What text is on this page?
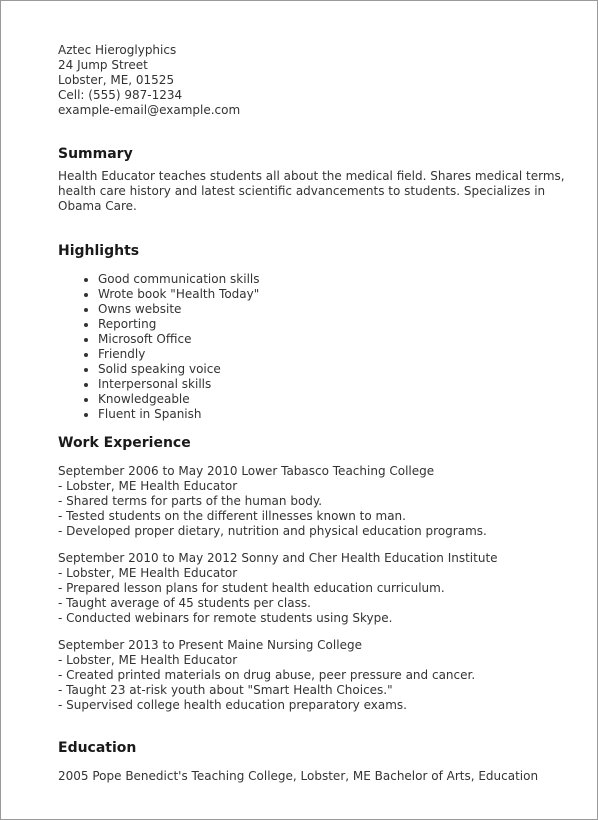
Aztec Hieroglyphics
24 Jump Street
Lobster, ME, 01525
Cell: (555) 987-1234
example-email@example.com
Summary

Health Educator teaches students all about the medical field. Shares medical terms, health care history and latest scientific advancements to students. Specializes in Obama Care.

Highlights
• Good communication skills
• Wrote book "Health Today"
• Owns website
• Reporting
• Microsoft Office
• Friendly
• Solid speaking voice
• Interpersonal skills
• Knowledgeable
• Fluent in Spanish
Work Experience
September 2006 to May 2010 Lower Tabasco Teaching College
- Lobster, ME Health Educator
- Shared terms for parts of the human body.
- Tested students on the different illnesses known to man.
- Developed proper dietary, nutrition and physical education programs.
September 2010 to May 2012 Sonny and Cher Health Education Institute
- Lobster, ME Health Educator
- Prepared lesson plans for student health education curriculum.
- Taught average of 45 students per class.
- Conducted webinars for remote students using Skype.
September 2013 to Present Maine Nursing College
- Lobster, ME Health Educator
- Created printed materials on drug abuse, peer pressure and cancer.
- Taught 23 at-risk youth about "Smart Health Choices."
- Supervised college health education preparatory exams.
Education

2005 Pope Benedict's Teaching College, Lobster, ME Bachelor of Arts, Education
